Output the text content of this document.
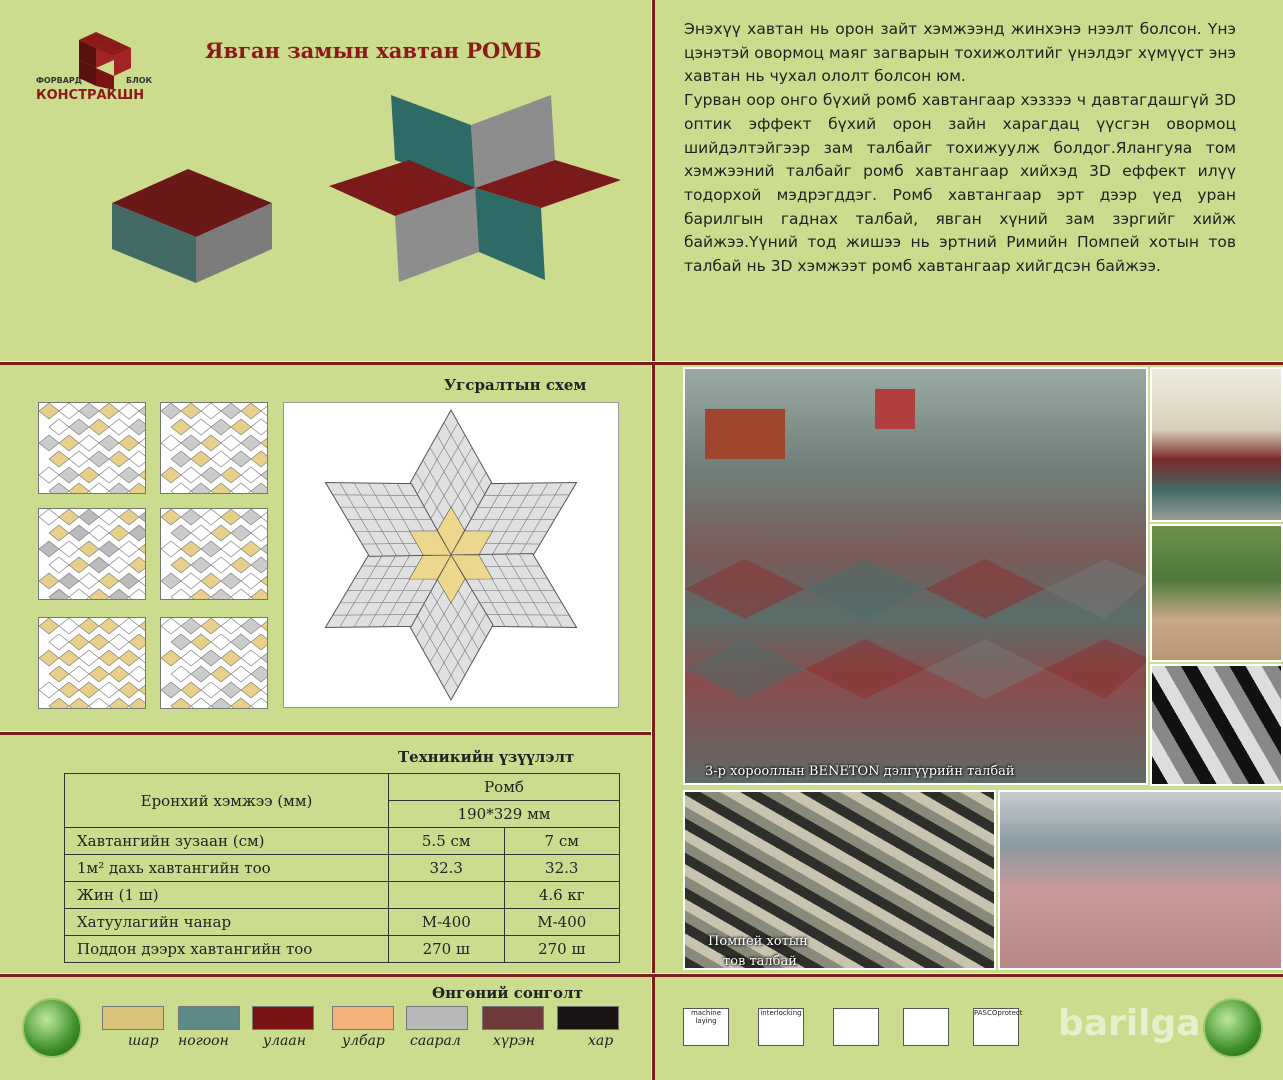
ФОРВАРД	БЛОК
КОНСТРАКШН
Явган замын хавтан РОМБ

Энэхүү хавтан нь орон зайт хэмжээнд жинхэнэ нээлт болсон. Үнэ цэнэтэй овормоц маяг загварын тохижолтийг үнэлдэг хүмүүст энэ хавтан нь чухал ололт болсон юм.

Гурван оор онго бүхий ромб хавтангаар хэззээ ч давтагдашгүй 3D оптик эффект бүхий орон зайн харагдац үүсгэн овормоц шийдэлтэйгээр зам талбайг тохижуулж болдог.Ялангуяа том хэмжээний талбайг ромб хавтангаар хийхэд 3D еффект илүү тодорхой мэдрэгддэг. Ромб хавтангаар эрт дээр үед уран барилгын гаднах талбай, явган хүний зам зэргийг хийж байжээ.Үүний тод жишээ нь эртний Римийн Помпей хотын тов талбай нь 3D хэмжээт ромб хавтангаар хийгдсэн байжээ.

Угсралтын схем
Техникийн үзүүлэлт
Еронхий хэмжээ (мм)	Ромб	
	190*329 мм	
Хавтангийн зузаан (см)	5.5 см	7 см
1м² дахь хавтангийн тоо	32.3	32.3
Жин (1 ш)		4.6 кг
Хатуулагийн чанар	М-400	М-400
Поддон дээрх хавтангийн тоо	270 ш	270 ш
Өнгөний сонголт
шар ногоон улаан	улбар саарал хүрэн	хар
3-р хорооллын BENETON дэлгүүрийн талбай
Помпей хотын
тов талбай
machine laying
interlocking	PASCOprotect barilga
